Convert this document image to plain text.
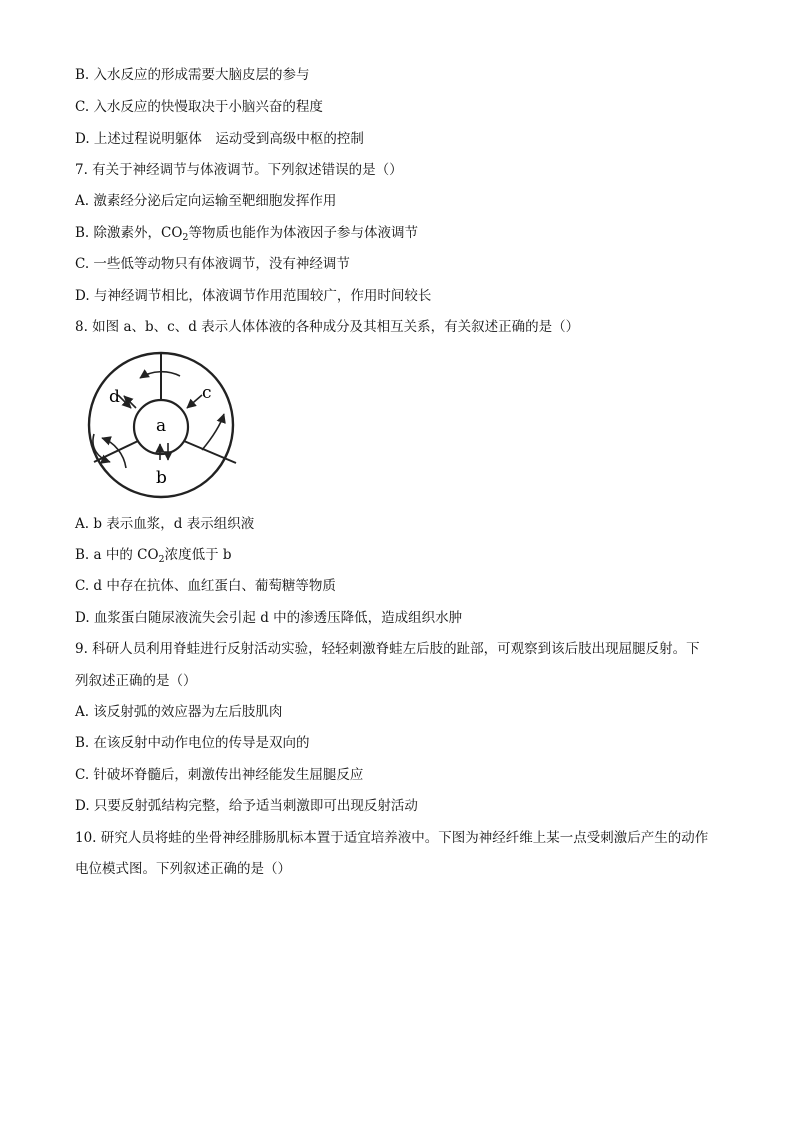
B. 入水反应的形成需要大脑皮层的参与
C. 入水反应的快慢取决于小脑兴奋的程度
D. 上述过程说明躯体　运动受到高级中枢的控制
7. 有关于神经调节与体液调节。下列叙述错误的是（）
A. 激素经分泌后定向运输至靶细胞发挥作用
B. 除激素外，$CO_2$等物质也能作为体液因子参与体液调节
C. 一些低等动物只有体液调节，没有神经调节
D. 与神经调节相比，体液调节作用范围较广，作用时间较长
8. 如图 a、b、c、d 表示人体体液的各种成分及其相互关系，有关叙述正确的是（）
d	c
a
b
A. b 表示血浆，d 表示组织液
B. a 中的 $CO_2$浓度低于 b
C. d 中存在抗体、血红蛋白、葡萄糖等物质
D. 血浆蛋白随尿液流失会引起 d 中的渗透压降低，造成组织水肿
9. 科研人员利用脊蛙进行反射活动实验，轻轻刺激脊蛙左后肢的趾部，可观察到该后肢出现屈腿反射。下
列叙述正确的是（）
A. 该反射弧的效应器为左后肢肌肉
B. 在该反射中动作电位的传导是双向的
C. 针破坏脊髓后，刺激传出神经能发生屈腿反应
D. 只要反射弧结构完整，给予适当刺激即可出现反射活动
10. 研究人员将蛙的坐骨神经腓肠肌标本置于适宜培养液中。下图为神经纤维上某一点受刺激后产生的动作
电位模式图。下列叙述正确的是（）
